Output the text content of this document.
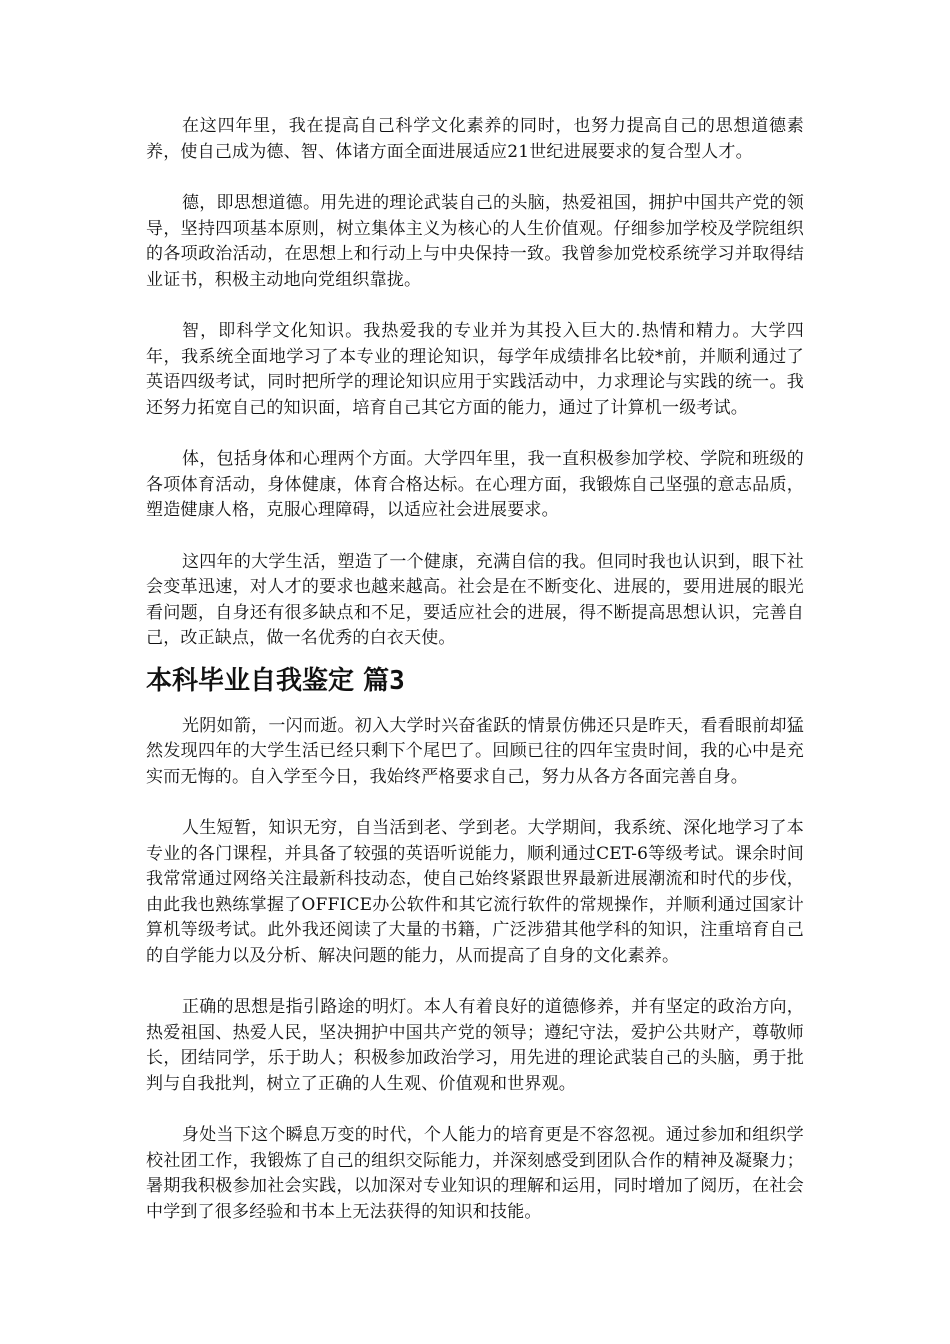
在这四年里，我在提高自己科学文化素养的同时，也努力提高自己的思想道德素养，使自己成为德、智、体诸方面全面进展适应21世纪进展要求的复合型人才。

德，即思想道德。用先进的理论武装自己的头脑，热爱祖国，拥护中国共产党的领导，坚持四项基本原则，树立集体主义为核心的人生价值观。仔细参加学校及学院组织的各项政治活动，在思想上和行动上与中央保持一致。我曾参加党校系统学习并取得结业证书，积极主动地向党组织靠拢。

智，即科学文化知识。我热爱我的专业并为其投入巨大的.热情和精力。大学四年，我系统全面地学习了本专业的理论知识，每学年成绩排名比较*前，并顺利通过了英语四级考试，同时把所学的理论知识应用于实践活动中，力求理论与实践的统一。我还努力拓宽自己的知识面，培育自己其它方面的能力，通过了计算机一级考试。

体，包括身体和心理两个方面。大学四年里，我一直积极参加学校、学院和班级的各项体育活动，身体健康，体育合格达标。在心理方面，我锻炼自己坚强的意志品质，塑造健康人格，克服心理障碍，以适应社会进展要求。

这四年的大学生活，塑造了一个健康，充满自信的我。但同时我也认识到，眼下社会变革迅速，对人才的要求也越来越高。社会是在不断变化、进展的，要用进展的眼光看问题，自身还有很多缺点和不足，要适应社会的进展，得不断提高思想认识，完善自己，改正缺点，做一名优秀的白衣天使。

本科毕业自我鉴定 篇3

光阴如箭，一闪而逝。初入大学时兴奋雀跃的情景仿佛还只是昨天，看看眼前却猛然发现四年的大学生活已经只剩下个尾巴了。回顾已往的四年宝贵时间，我的心中是充实而无悔的。自入学至今日，我始终严格要求自己，努力从各方各面完善自身。

人生短暂，知识无穷，自当活到老、学到老。大学期间，我系统、深化地学习了本专业的各门课程，并具备了较强的英语听说能力，顺利通过CET-6等级考试。课余时间我常常通过网络关注最新科技动态，使自己始终紧跟世界最新进展潮流和时代的步伐，由此我也熟练掌握了OFFICE办公软件和其它流行软件的常规操作，并顺利通过国家计算机等级考试。此外我还阅读了大量的书籍，广泛涉猎其他学科的知识，注重培育自己的自学能力以及分析、解决问题的能力，从而提高了自身的文化素养。

正确的思想是指引路途的明灯。本人有着良好的道德修养，并有坚定的政治方向，热爱祖国、热爱人民，坚决拥护中国共产党的领导；遵纪守法，爱护公共财产，尊敬师长，团结同学，乐于助人；积极参加政治学习，用先进的理论武装自己的头脑，勇于批判与自我批判，树立了正确的人生观、价值观和世界观。

身处当下这个瞬息万变的时代，个人能力的培育更是不容忽视。通过参加和组织学校社团工作，我锻炼了自己的组织交际能力，并深刻感受到团队合作的精神及凝聚力；暑期我积极参加社会实践，以加深对专业知识的理解和运用，同时增加了阅历，在社会中学到了很多经验和书本上无法获得的知识和技能。
